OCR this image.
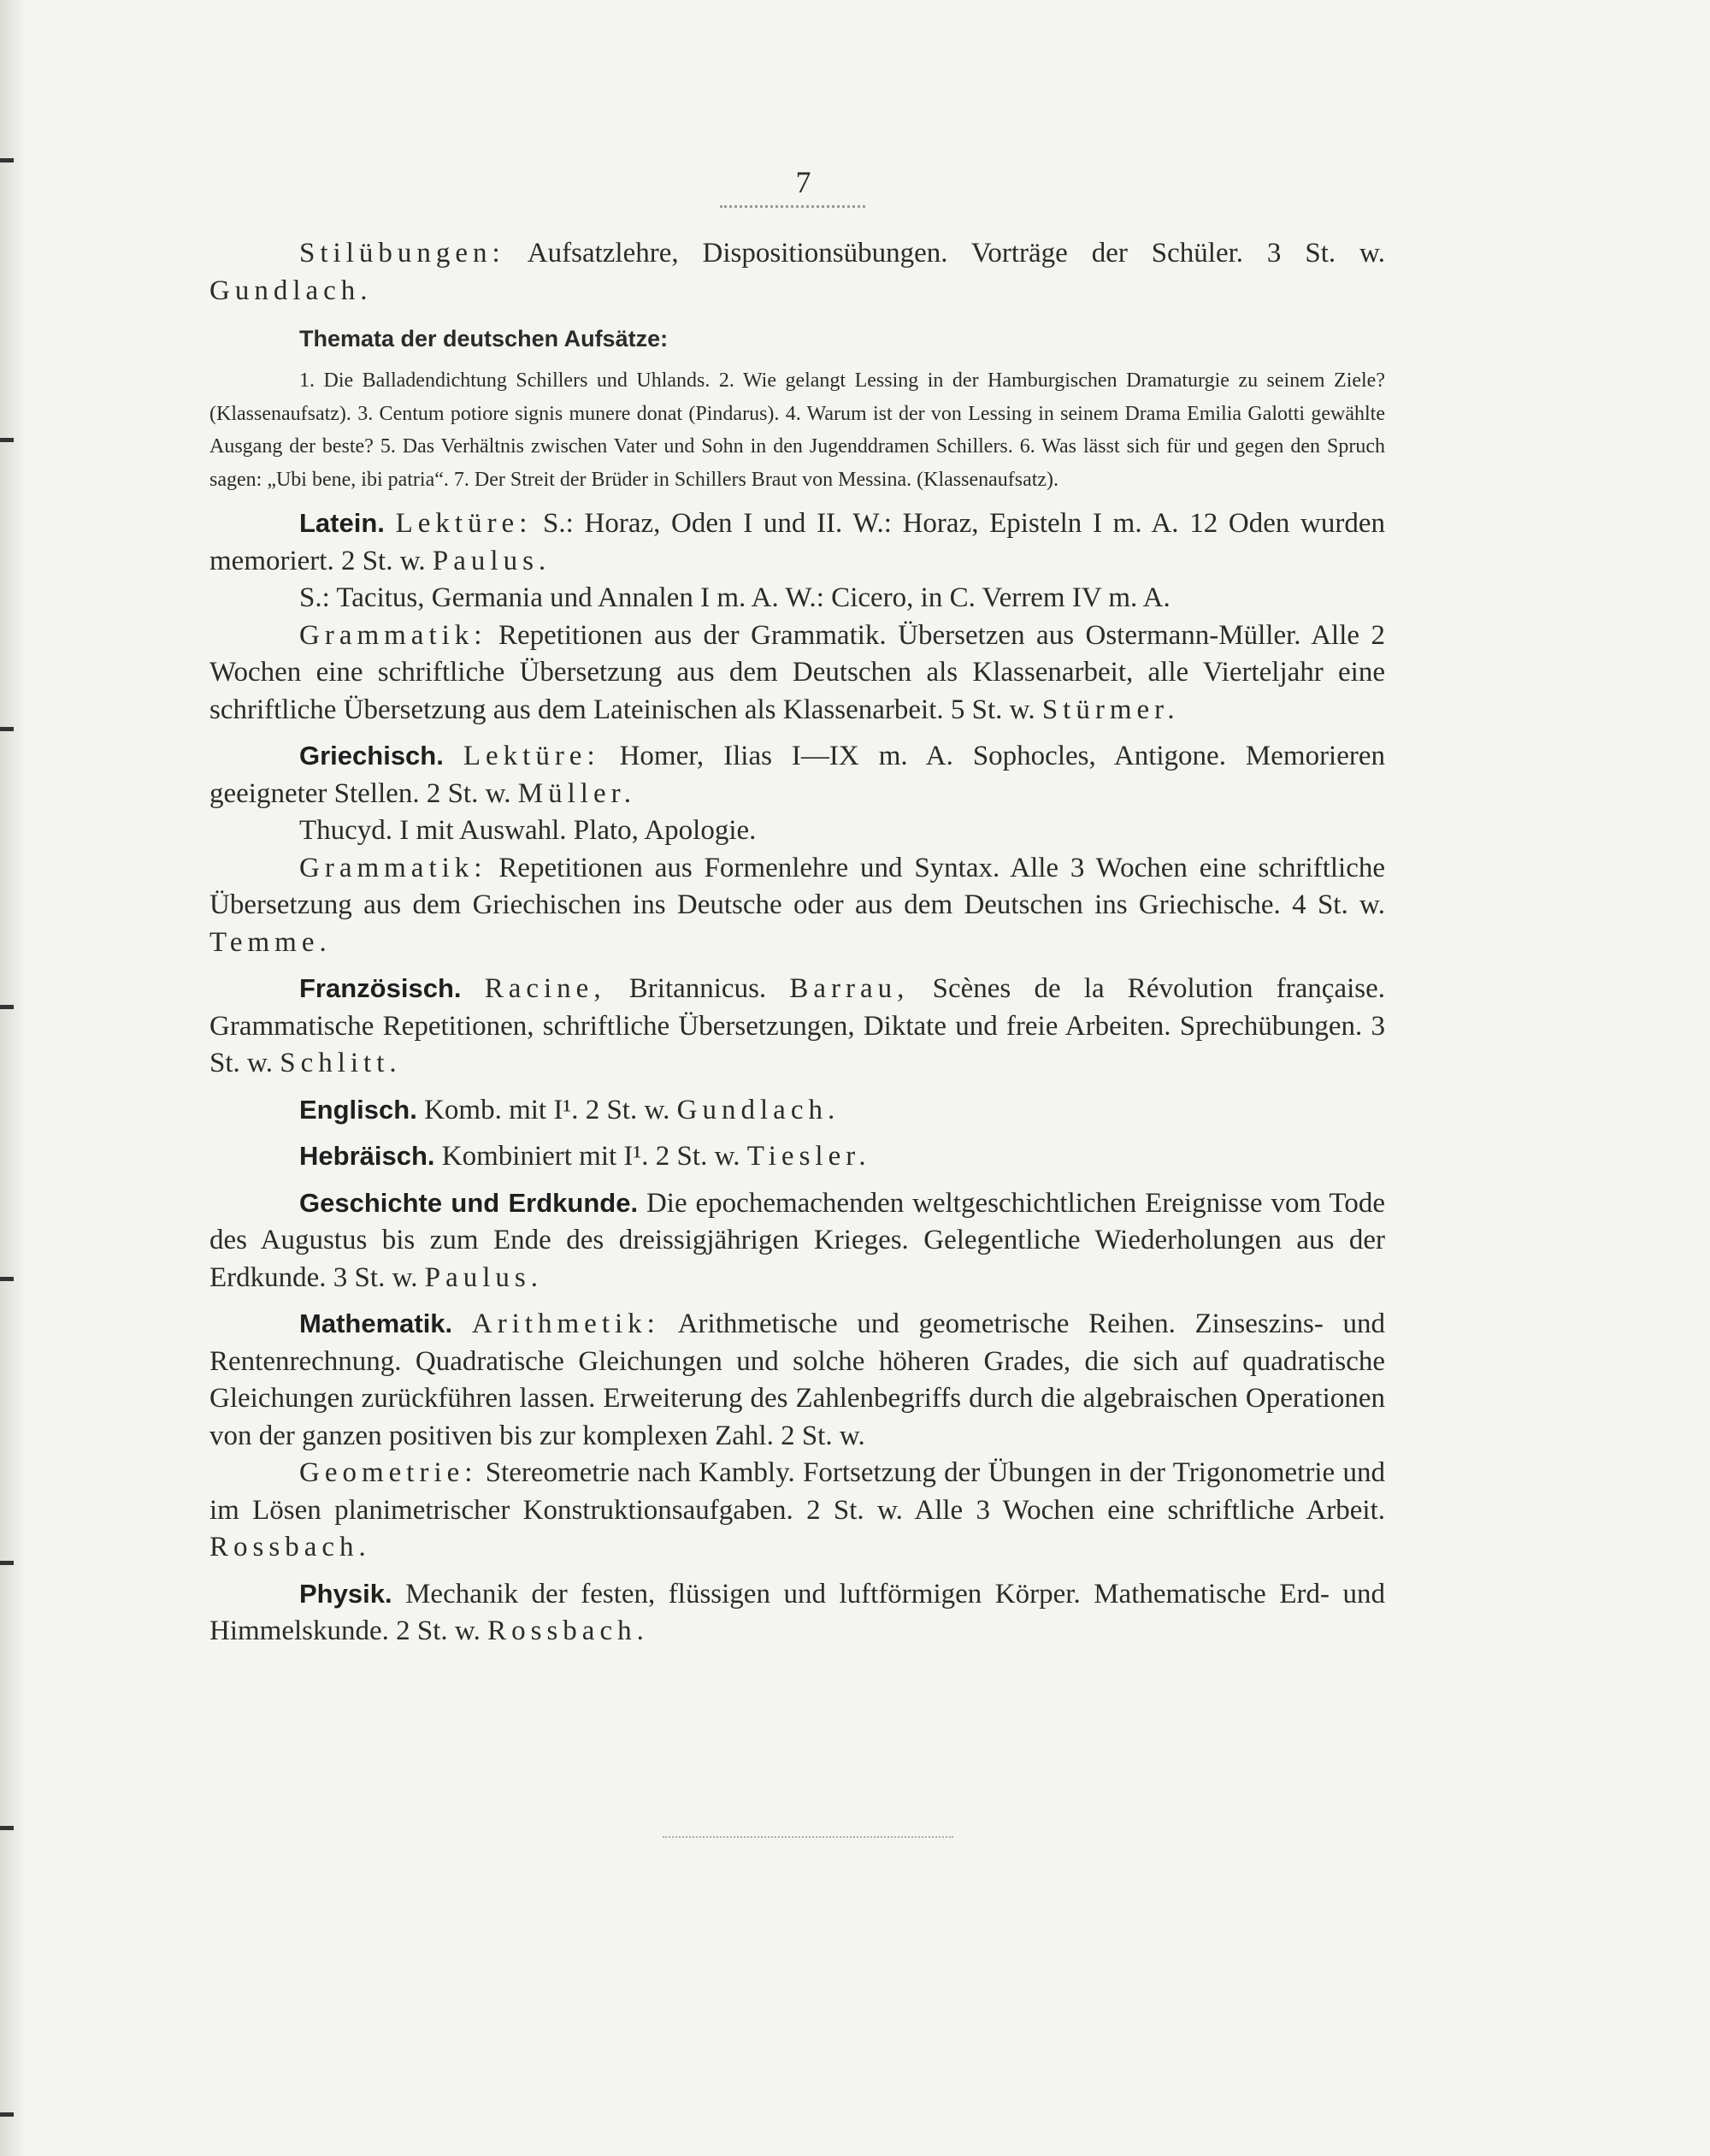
7

Stilübungen: Aufsatzlehre, Dispositionsübungen. Vorträge der Schüler. 3 St. w. Gundlach.

Themata der deutschen Aufsätze:

1. Die Balladendichtung Schillers und Uhlands. 2. Wie gelangt Lessing in der Hamburgischen Dramaturgie zu seinem Ziele? (Klassenaufsatz). 3. Centum potiore signis munere donat (Pindarus). 4. Warum ist der von Lessing in seinem Drama Emilia Galotti gewählte Ausgang der beste? 5. Das Verhältnis zwischen Vater und Sohn in den Jugenddramen Schillers. 6. Was lässt sich für und gegen den Spruch sagen: „Ubi bene, ibi patria“. 7. Der Streit der Brüder in Schillers Braut von Messina. (Klassenaufsatz).

Latein. Lektüre: S.: Horaz, Oden I und II. W.: Horaz, Episteln I m. A. 12 Oden wurden memoriert. 2 St. w. Paulus.

S.: Tacitus, Germania und Annalen I m. A. W.: Cicero, in C. Verrem IV m. A.

Grammatik: Repetitionen aus der Grammatik. Übersetzen aus Ostermann-Müller. Alle 2 Wochen eine schriftliche Übersetzung aus dem Deutschen als Klassenarbeit, alle Vierteljahr eine schriftliche Übersetzung aus dem Lateinischen als Klassenarbeit. 5 St. w. Stürmer.

Griechisch. Lektüre: Homer, Ilias I—IX m. A. Sophocles, Antigone. Memorieren geeigneter Stellen. 2 St. w. Müller.

Thucyd. I mit Auswahl. Plato, Apologie.

Grammatik: Repetitionen aus Formenlehre und Syntax. Alle 3 Wochen eine schriftliche Übersetzung aus dem Griechischen ins Deutsche oder aus dem Deutschen ins Griechische. 4 St. w. Temme.

Französisch. Racine, Britannicus. Barrau, Scènes de la Révolution française. Grammatische Repetitionen, schriftliche Übersetzungen, Diktate und freie Arbeiten. Sprechübungen. 3 St. w. Schlitt.

Englisch. Komb. mit I¹. 2 St. w. Gundlach.

Hebräisch. Kombiniert mit I¹. 2 St. w. Tiesler.

Geschichte und Erdkunde. Die epochemachenden weltgeschichtlichen Ereignisse vom Tode des Augustus bis zum Ende des dreissigjährigen Krieges. Gelegentliche Wiederholungen aus der Erdkunde. 3 St. w. Paulus.

Mathematik. Arithmetik: Arithmetische und geometrische Reihen. Zinseszins- und Rentenrechnung. Quadratische Gleichungen und solche höheren Grades, die sich auf quadratische Gleichungen zurückführen lassen. Erweiterung des Zahlenbegriffs durch die algebraischen Operationen von der ganzen positiven bis zur komplexen Zahl. 2 St. w.

Geometrie: Stereometrie nach Kambly. Fortsetzung der Übungen in der Trigonometrie und im Lösen planimetrischer Konstruktionsaufgaben. 2 St. w. Alle 3 Wochen eine schriftliche Arbeit. Rossbach.

Physik. Mechanik der festen, flüssigen und luftförmigen Körper. Mathematische Erd- und Himmelskunde. 2 St. w. Rossbach.
